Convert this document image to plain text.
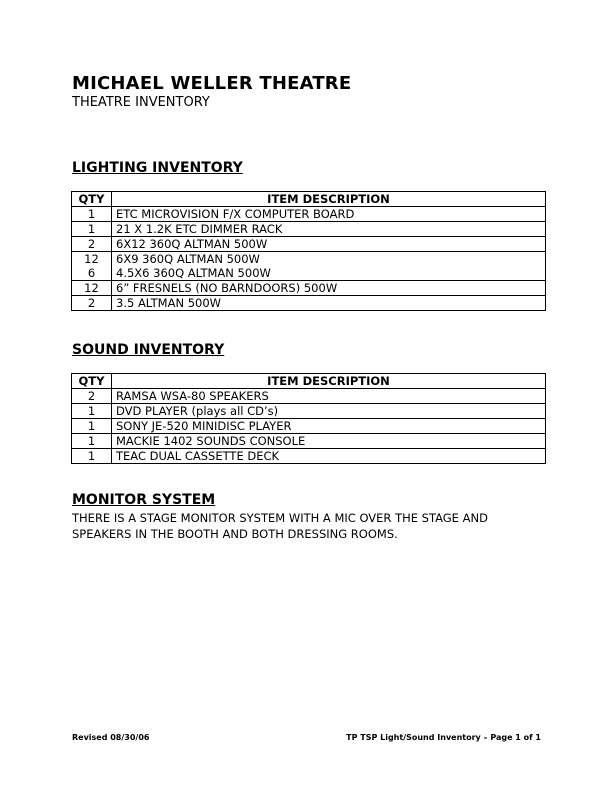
MICHAEL WELLER THEATRE
THEATRE INVENTORY
LIGHTING INVENTORY
QTY	ITEM DESCRIPTION
1	ETC MICROVISION F/X COMPUTER BOARD
1	21 X 1.2K ETC DIMMER RACK
2	6X12 360Q ALTMAN 500W
12	6X9 360Q ALTMAN 500W
6	4.5X6 360Q ALTMAN 500W
12	6” FRESNELS (NO BARNDOORS) 500W
2	3.5 ALTMAN 500W
SOUND INVENTORY
QTY	ITEM DESCRIPTION
2	RAMSA WSA-80 SPEAKERS
1	DVD PLAYER (plays all CD’s)
1	SONY JE-520 MINIDISC PLAYER
1	MACKIE 1402 SOUNDS CONSOLE
1	TEAC DUAL CASSETTE DECK
MONITOR SYSTEM

THERE IS A STAGE MONITOR SYSTEM WITH A MIC OVER THE STAGE AND SPEAKERS IN THE BOOTH AND BOTH DRESSING ROOMS.

Revised 08/30/06	TP TSP Light/Sound Inventory – Page 1 of 1
